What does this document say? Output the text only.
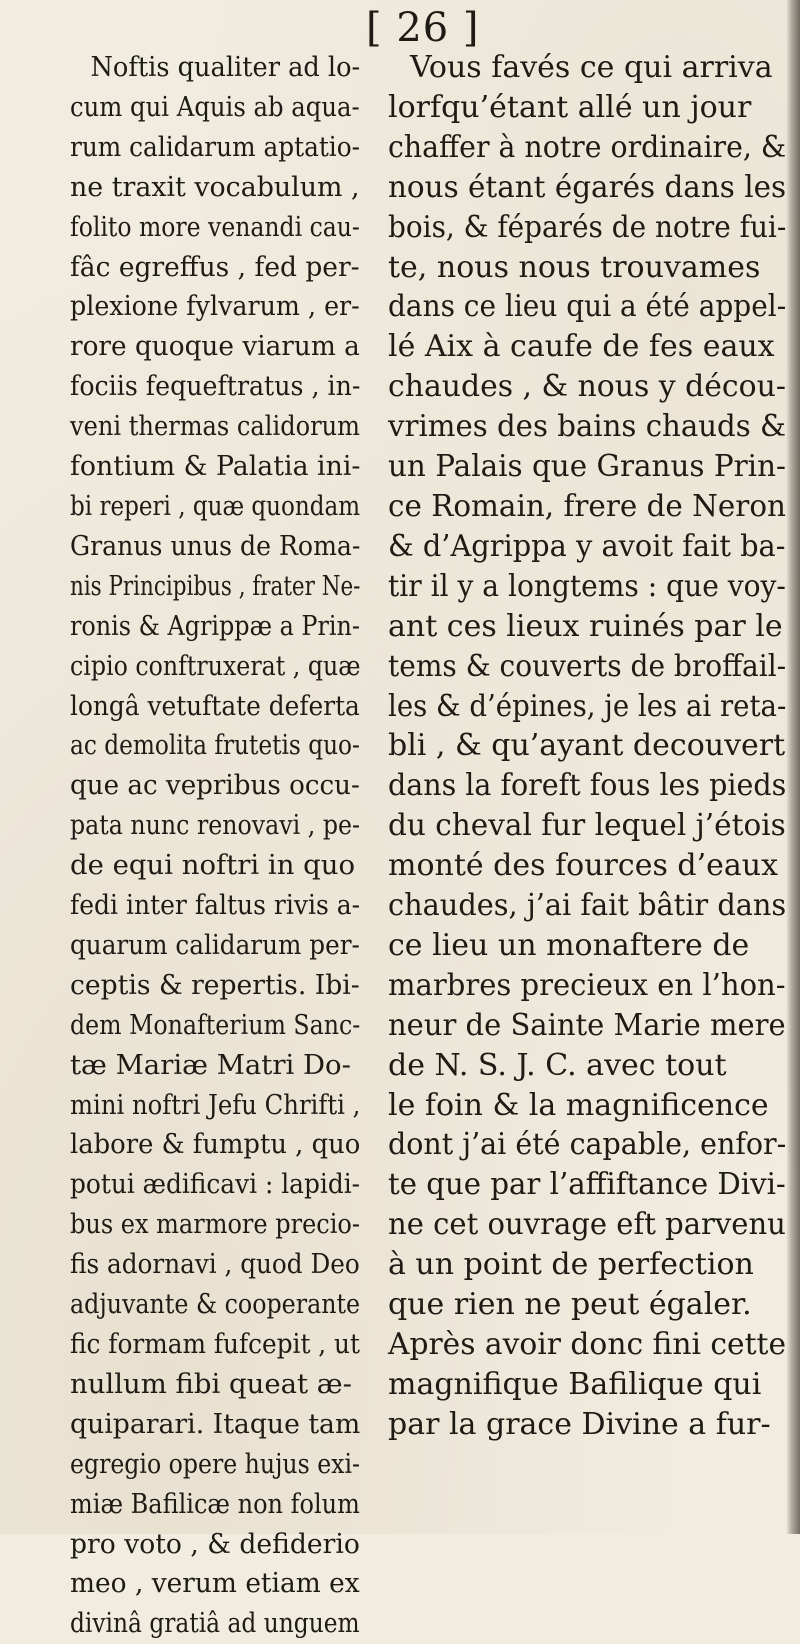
[ 26 ]
Noftis qualiter ad lo-
cum qui Aquis ab aqua-
rum calidarum aptatio-
ne traxit vocabulum ,
folito more venandi cau-
fâc egreffus , fed per-
plexione fylvarum , er-
rore quoque viarum a
fociis fequeftratus , in-
veni thermas calidorum
fontium & Palatia ini-
bi reperi , quæ quondam
Granus unus de Roma-
nis Principibus , frater Ne-
ronis & Agrippæ a Prin-
cipio conftruxerat , quæ
longâ vetuftate deferta
ac demolita frutetis quo-
que ac vepribus occu-
pata nunc renovavi , pe-
de equi noftri in quo
fedi inter faltus rivis a-
quarum calidarum per-
ceptis & repertis. Ibi-
dem Monafterium Sanc-
tæ Mariæ Matri Do-
mini noftri Jefu Chrifti ,
labore & fumptu , quo
potui ædificavi : lapidi-
bus ex marmore precio-
fis adornavi , quod Deo
adjuvante & cooperante
fic formam fufcepit , ut
nullum fibi queat æ-
quiparari. Itaque tam
egregio opere hujus exi-
miæ Bafilicæ non folum
pro voto , & defiderio
meo , verum etiam ex
divinâ gratiâ ad unguem
Vous favés ce qui arriva
lorfqu’étant allé un jour
chaffer à notre ordinaire, &
nous étant égarés dans les
bois, & féparés de notre fui-
te, nous nous trouvames
dans ce lieu qui a été appel-
lé Aix à caufe de fes eaux
chaudes , & nous y décou-
vrimes des bains chauds &
un Palais que Granus Prin-
ce Romain, frere de Neron
& d’Agrippa y avoit fait ba-
tir il y a longtems : que voy-
ant ces lieux ruinés par le
tems & couverts de broffail-
les & d’épines, je les ai reta-
bli , & qu’ayant decouvert
dans la foreft fous les pieds
du cheval fur lequel j’étois
monté des fources d’eaux
chaudes, j’ai fait bâtir dans
ce lieu un monaftere de
marbres precieux en l’hon-
neur de Sainte Marie mere
de N. S. J. C. avec tout
le foin & la magnificence
dont j’ai été capable, enfor-
te que par l’affiftance Divi-
ne cet ouvrage eft parvenu
à un point de perfection
que rien ne peut égaler.
Après avoir donc fini cette
magnifique Bafilique qui
par la grace Divine a fur-
